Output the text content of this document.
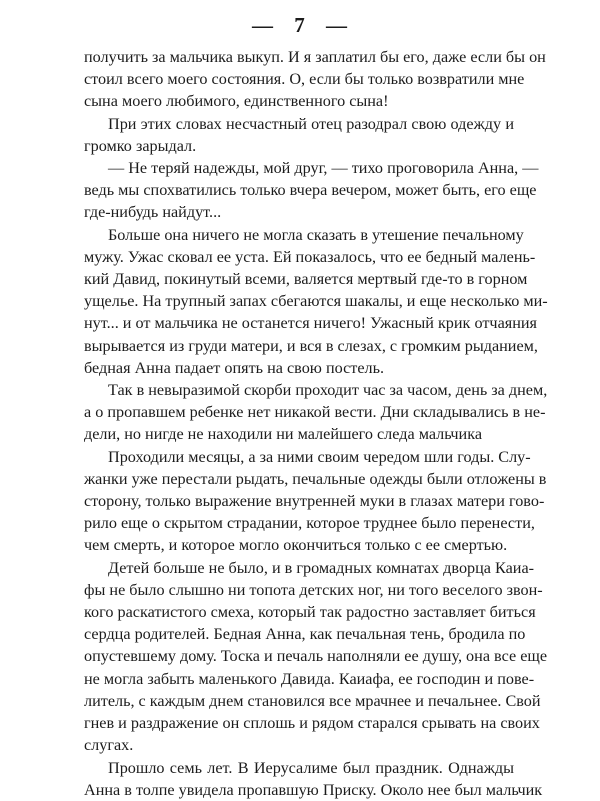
— 7 —
получить за мальчика выкуп. И я заплатил бы его, даже если бы он
стоил всего моего состояния. О, если бы только возвратили мне
сына моего любимого, единственного сына!
При этих словах несчастный отец разодрал свою одежду и
громко зарыдал.
— Не теряй надежды, мой друг, — тихо проговорила Анна, —
ведь мы спохватились только вчера вечером, может быть, его еще
где-нибудь найдут...
Больше она ничего не могла сказать в утешение печальному
мужу. Ужас сковал ее уста. Ей показалось, что ее бедный малень-
кий Давид, покинутый всеми, валяется мертвый где-то в горном
ущелье. На трупный запах сбегаются шакалы, и еще несколько ми-
нут... и от мальчика не останется ничего! Ужасный крик отчаяния
вырывается из груди матери, и вся в слезах, с громким рыданием,
бедная Анна падает опять на свою постель.
Так в невыразимой скорби проходит час за часом, день за днем,
а о пропавшем ребенке нет никакой вести. Дни складывались в не-
дели, но нигде не находили ни малейшего следа мальчика
Проходили месяцы, а за ними своим чередом шли годы. Слу-
жанки уже перестали рыдать, печальные одежды были отложены в
сторону, только выражение внутренней муки в глазах матери гово-
рило еще о скрытом страдании, которое труднее было перенести,
чем смерть, и которое могло окончиться только с ее смертью.
Детей больше не было, и в громадных комнатах дворца Каиа-
фы не было слышно ни топота детских ног, ни того веселого звон-
кого раскатистого смеха, который так радостно заставляет биться
сердца родителей. Бедная Анна, как печальная тень, бродила по
опустевшему дому. Тоска и печаль наполняли ее душу, она все еще
не могла забыть маленького Давида. Каиафа, ее господин и пове-
литель, с каждым днем становился все мрачнее и печальнее. Свой
гнев и раздражение он сплошь и рядом старался срывать на своих
слугах.
Прошло семь лет. В Иерусалиме был праздник. Однажды
Анна в толпе увидела пропавшую Приску. Около нее был мальчик
